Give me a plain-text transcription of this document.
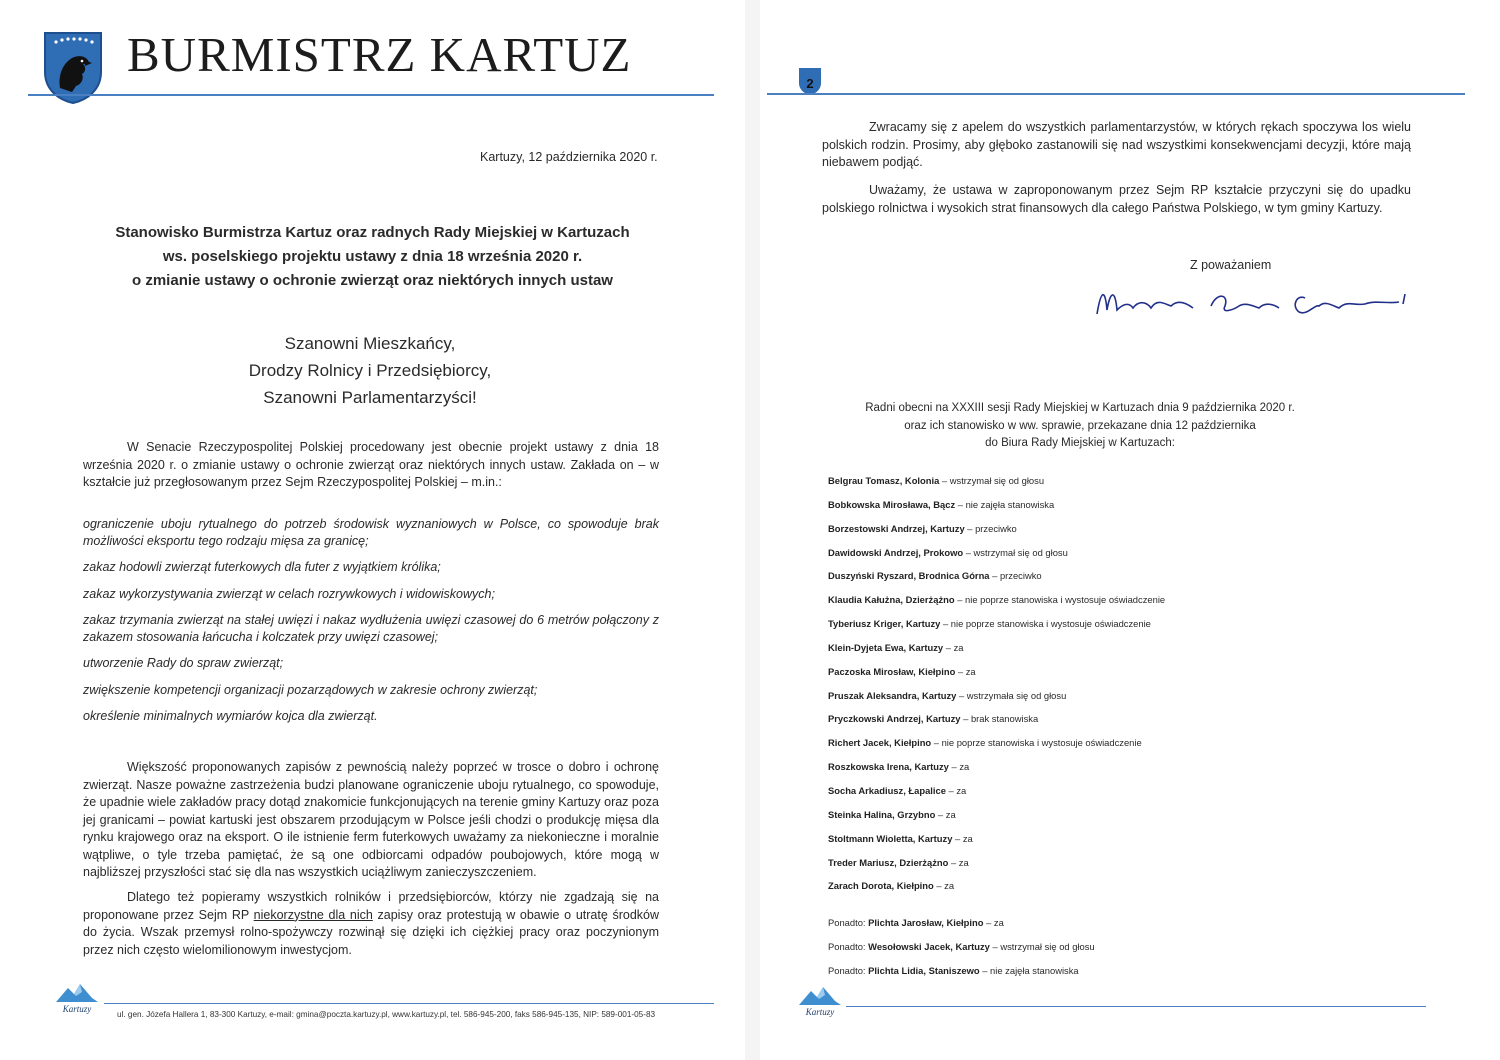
BURMISTRZ KARTUZ
Kartuzy, 12 października 2020 r.
Stanowisko Burmistrza Kartuz oraz radnych Rady Miejskiej w Kartuzach
ws. poselskiego projektu ustawy z dnia 18 września 2020 r.
o zmianie ustawy o ochronie zwierząt oraz niektórych innych ustaw
Szanowni Mieszkańcy,
Drodzy Rolnicy i Przedsiębiorcy,
Szanowni Parlamentarzyści!
W Senacie Rzeczypospolitej Polskiej procedowany jest obecnie projekt ustawy z dnia 18 września 2020 r. o zmianie ustawy o ochronie zwierząt oraz niektórych innych ustaw. Zakłada on – w kształcie już przegłosowanym przez Sejm Rzeczypospolitej Polskiej – m.in.:
ograniczenie uboju rytualnego do potrzeb środowisk wyznaniowych w Polsce, co spowoduje brak możliwości eksportu tego rodzaju mięsa za granicę;
zakaz hodowli zwierząt futerkowych dla futer z wyjątkiem królika;
zakaz wykorzystywania zwierząt w celach rozrywkowych i widowiskowych;
zakaz trzymania zwierząt na stałej uwięzi i nakaz wydłużenia uwięzi czasowej do 6 metrów połączony z zakazem stosowania łańcucha i kolczatek przy uwięzi czasowej;
utworzenie Rady do spraw zwierząt;
zwiększenie kompetencji organizacji pozarządowych w zakresie ochrony zwierząt;
określenie minimalnych wymiarów kojca dla zwierząt.
Większość proponowanych zapisów z pewnością należy poprzeć w trosce o dobro i ochronę zwierząt. Nasze poważne zastrzeżenia budzi planowane ograniczenie uboju rytualnego, co spowoduje, że upadnie wiele zakładów pracy dotąd znakomicie funkcjonujących na terenie gminy Kartuzy oraz poza jej granicami – powiat kartuski jest obszarem przodującym w Polsce jeśli chodzi o produkcję mięsa dla rynku krajowego oraz na eksport. O ile istnienie ferm futerkowych uważamy za niekonieczne i moralnie wątpliwe, o tyle trzeba pamiętać, że są one odbiorcami odpadów poubojowych, które mogą w najbliższej przyszłości stać się dla nas wszystkich uciążliwym zanieczyszczeniem.
Dlatego też popieramy wszystkich rolników i przedsiębiorców, którzy nie zgadzają się na proponowane przez Sejm RP niekorzystne dla nich zapisy oraz protestują w obawie o utratę środków do życia. Wszak przemysł rolno-spożywczy rozwinął się dzięki ich ciężkiej pracy oraz poczynionym przez nich często wielomilionowym inwestycjom.
Kartuzy
ul. gen. Józefa Hallera 1, 83-300 Kartuzy, e-mail: gmina@poczta.kartuzy.pl, www.kartuzy.pl, tel. 586-945-200, faks 586-945-135, NIP: 589-001-05-83
2
Zwracamy się z apelem do wszystkich parlamentarzystów, w których rękach spoczywa los wielu polskich rodzin. Prosimy, aby głęboko zastanowili się nad wszystkimi konsekwencjami decyzji, które mają niebawem podjąć.
Uważamy, że ustawa w zaproponowanym przez Sejm RP kształcie przyczyni się do upadku polskiego rolnictwa i wysokich strat finansowych dla całego Państwa Polskiego, w tym gminy Kartuzy.
Z poważaniem
Radni obecni na XXXIII sesji Rady Miejskiej w Kartuzach dnia 9 października 2020 r.
oraz ich stanowisko w ww. sprawie, przekazane dnia 12 października
do Biura Rady Miejskiej w Kartuzach:
Belgrau Tomasz, Kolonia – wstrzymał się od głosu
Bobkowska Mirosława, Bącz – nie zajęła stanowiska
Borzestowski Andrzej, Kartuzy – przeciwko
Dawidowski Andrzej, Prokowo – wstrzymał się od głosu
Duszyński Ryszard, Brodnica Górna – przeciwko
Klaudia Kałużna, Dzierżążno – nie poprze stanowiska i wystosuje oświadczenie
Tyberiusz Kriger, Kartuzy – nie poprze stanowiska i wystosuje oświadczenie
Klein-Dyjeta Ewa, Kartuzy – za
Paczoska Mirosław, Kiełpino – za
Pruszak Aleksandra, Kartuzy – wstrzymała się od głosu
Pryczkowski Andrzej, Kartuzy – brak stanowiska
Richert Jacek, Kiełpino – nie poprze stanowiska i wystosuje oświadczenie
Roszkowska Irena, Kartuzy – za
Socha Arkadiusz, Łapalice – za
Steinka Halina, Grzybno – za
Stoltmann Wioletta, Kartuzy – za
Treder Mariusz, Dzierżążno – za
Zarach Dorota, Kiełpino – za
Ponadto: Plichta Jarosław, Kiełpino – za
Ponadto: Wesołowski Jacek, Kartuzy – wstrzymał się od głosu
Ponadto: Plichta Lidia, Staniszewo – nie zajęła stanowiska
Kartuzy
